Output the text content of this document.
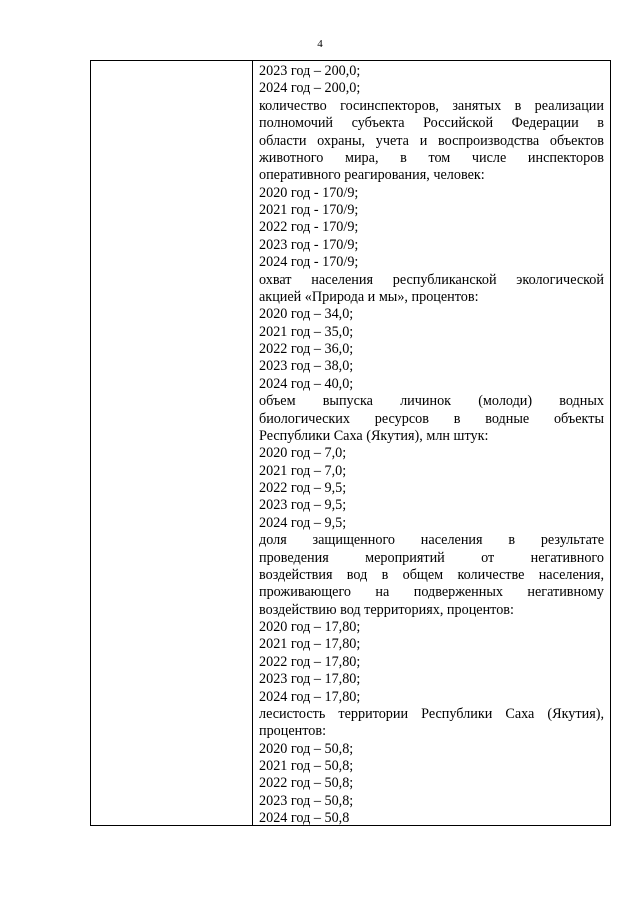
4
2023 год – 200,0;
2024 год – 200,0;
количество госинспекторов, занятых в реализации
полномочий субъекта Российской Федерации в
области охраны, учета и воспроизводства объектов
животного мира, в том числе инспекторов
оперативного реагирования, человек:
2020 год - 170/9;
2021 год - 170/9;
2022 год - 170/9;
2023 год - 170/9;
2024 год - 170/9;
охват населения республиканской экологической
акцией «Природа и мы», процентов:
2020 год – 34,0;
2021 год – 35,0;
2022 год – 36,0;
2023 год – 38,0;
2024 год – 40,0;
объем выпуска личинок (молоди) водных
биологических ресурсов в водные объекты
Республики Саха (Якутия), млн штук:
2020 год – 7,0;
2021 год – 7,0;
2022 год – 9,5;
2023 год – 9,5;
2024 год – 9,5;
доля защищенного населения в результате
проведения мероприятий от негативного
воздействия вод в общем количестве населения,
проживающего на подверженных негативному
воздействию вод территориях, процентов:
2020 год – 17,80;
2021 год – 17,80;
2022 год – 17,80;
2023 год – 17,80;
2024 год – 17,80;
лесистость территории Республики Саха (Якутия),
процентов:
2020 год – 50,8;
2021 год – 50,8;
2022 год – 50,8;
2023 год – 50,8;
2024 год – 50,8
